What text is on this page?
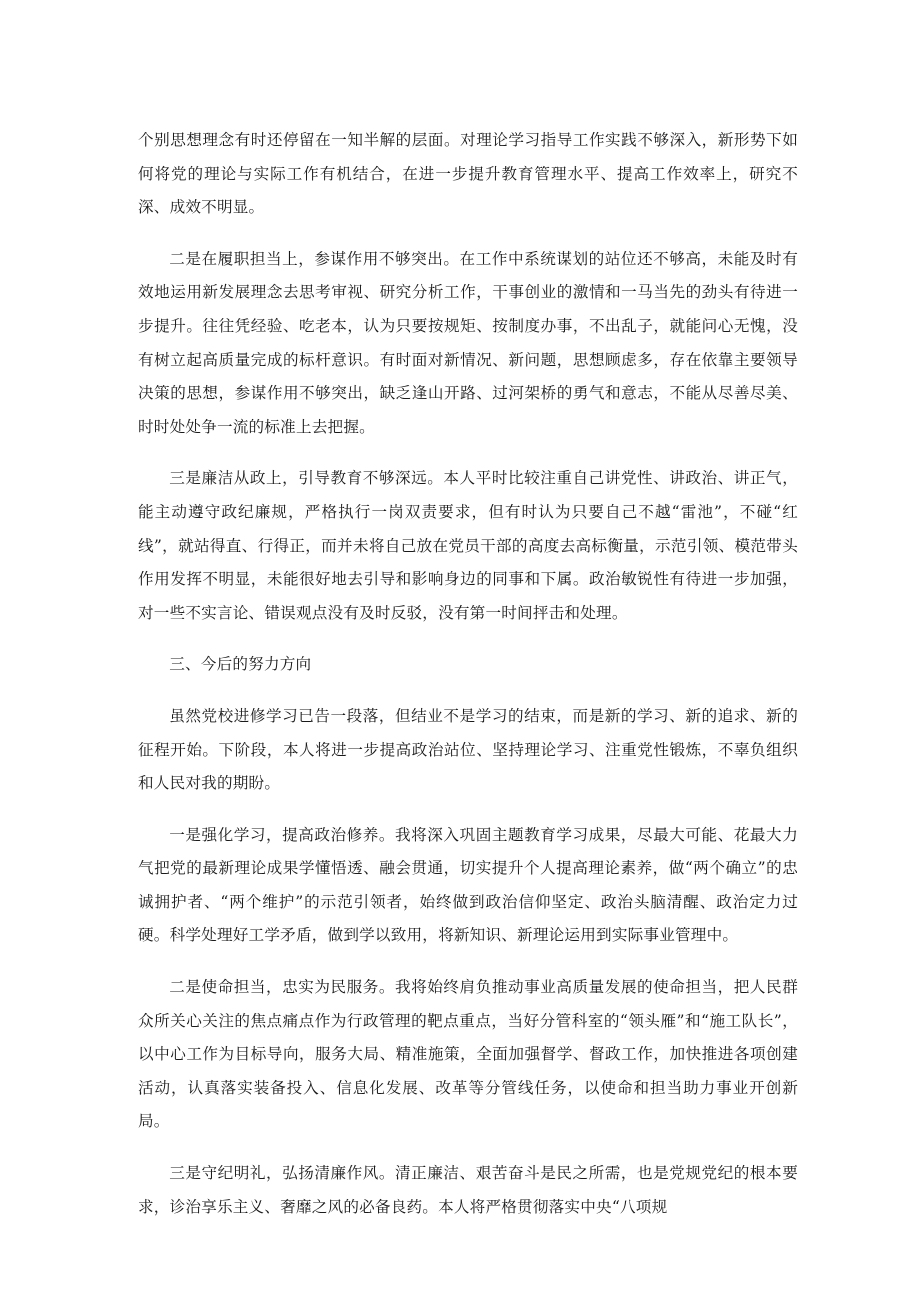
个别思想理念有时还停留在一知半解的层面。对理论学习指导工作实践不够深入，新形势下如何将党的理论与实际工作有机结合，在进一步提升教育管理水平、提高工作效率上，研究不深、成效不明显。

二是在履职担当上，参谋作用不够突出。在工作中系统谋划的站位还不够高，未能及时有效地运用新发展理念去思考审视、研究分析工作，干事创业的激情和一马当先的劲头有待进一步提升。往往凭经验、吃老本，认为只要按规矩、按制度办事，不出乱子，就能问心无愧，没有树立起高质量完成的标杆意识。有时面对新情况、新问题，思想顾虑多，存在依靠主要领导决策的思想，参谋作用不够突出，缺乏逢山开路、过河架桥的勇气和意志，不能从尽善尽美、时时处处争一流的标准上去把握。

三是廉洁从政上，引导教育不够深远。本人平时比较注重自己讲党性、讲政治、讲正气，能主动遵守政纪廉规，严格执行一岗双责要求，但有时认为只要自己不越“雷池”，不碰“红线”，就站得直、行得正，而并未将自己放在党员干部的高度去高标衡量，示范引领、模范带头作用发挥不明显，未能很好地去引导和影响身边的同事和下属。政治敏锐性有待进一步加强，对一些不实言论、错误观点没有及时反驳，没有第一时间抨击和处理。

三、今后的努力方向

虽然党校进修学习已告一段落，但结业不是学习的结束，而是新的学习、新的追求、新的征程开始。下阶段，本人将进一步提高政治站位、坚持理论学习、注重党性锻炼，不辜负组织和人民对我的期盼。

一是强化学习，提高政治修养。我将深入巩固主题教育学习成果，尽最大可能、花最大力气把党的最新理论成果学懂悟透、融会贯通，切实提升个人提高理论素养，做“两个确立”的忠诚拥护者、“两个维护”的示范引领者，始终做到政治信仰坚定、政治头脑清醒、政治定力过硬。科学处理好工学矛盾，做到学以致用，将新知识、新理论运用到实际事业管理中。

二是使命担当，忠实为民服务。我将始终肩负推动事业高质量发展的使命担当，把人民群众所关心关注的焦点痛点作为行政管理的靶点重点，当好分管科室的“领头雁”和“施工队长”，以中心工作为目标导向，服务大局、精准施策，全面加强督学、督政工作，加快推进各项创建活动，认真落实装备投入、信息化发展、改革等分管线任务，以使命和担当助力事业开创新局。

三是守纪明礼，弘扬清廉作风。清正廉洁、艰苦奋斗是民之所需，也是党规党纪的根本要求，诊治享乐主义、奢靡之风的必备良药。本人将严格贯彻落实中央“八项规
